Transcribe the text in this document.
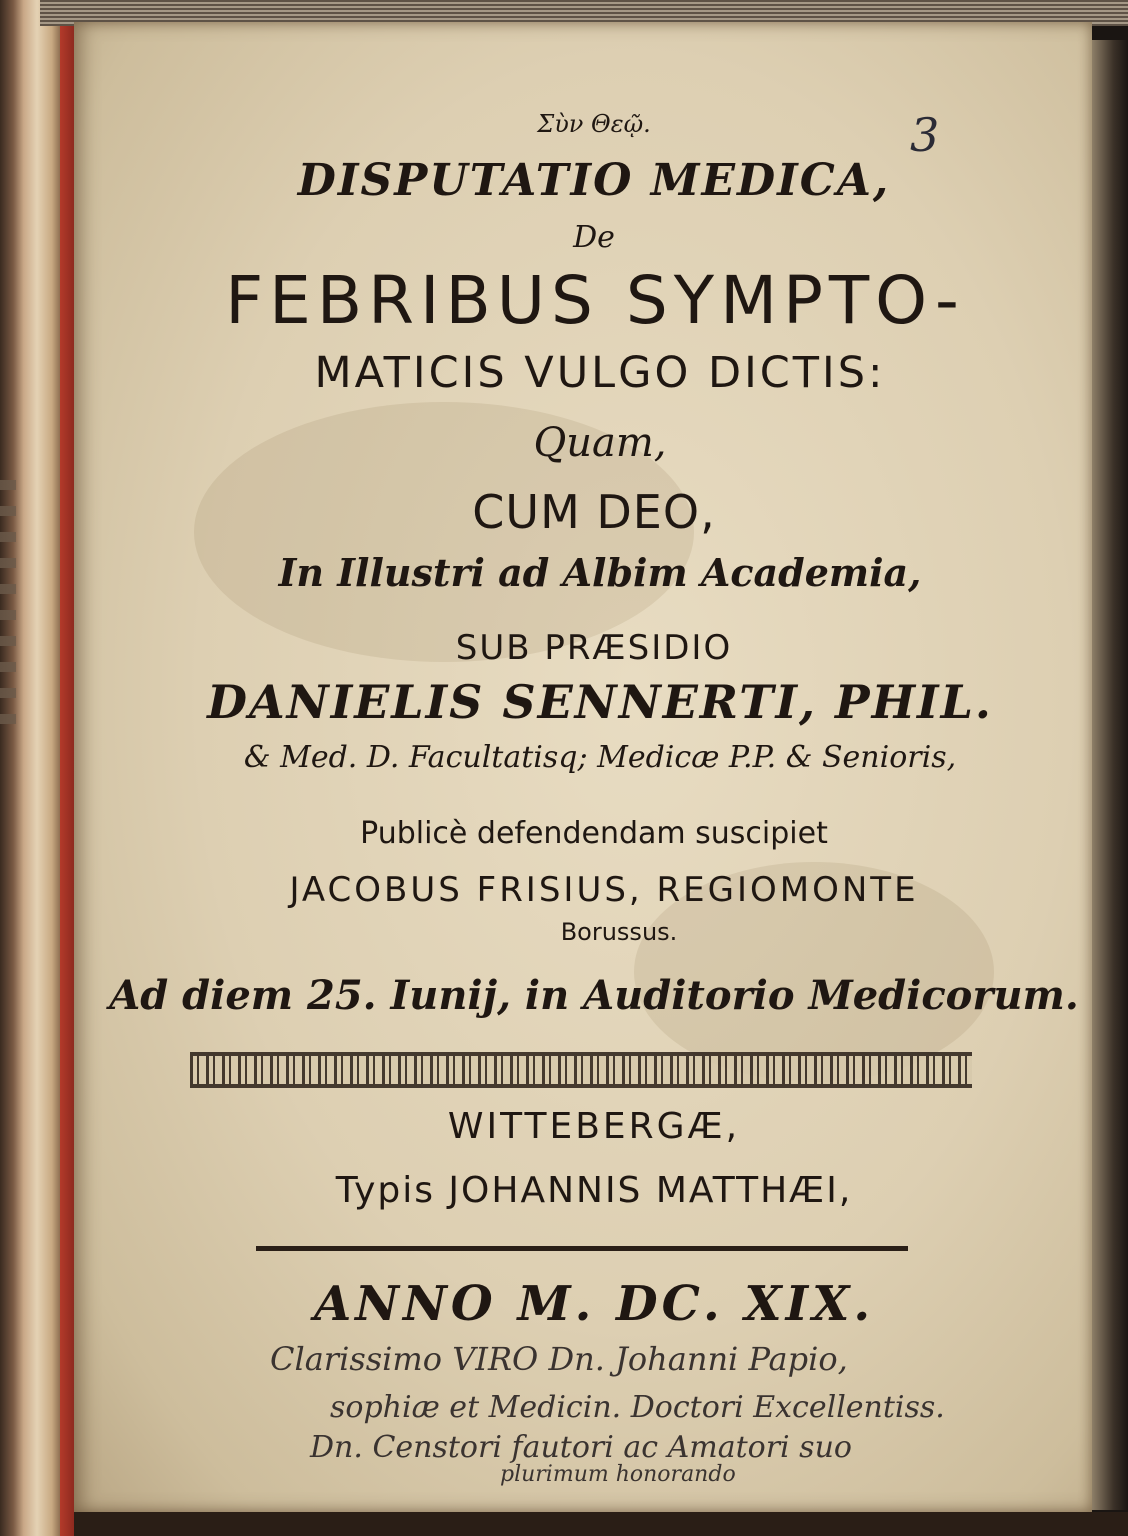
3
Σὺν Θεῷ.
DISPUTATIO MEDICA,
De
FEBRIBUS SYMPTO-
MATICIS VULGO DICTIS:
Quam,
CUM DEO,
In Illustri ad Albim Academia,
SUB PRÆSIDIO
DANIELIS SENNERTI, PHIL.
& Med. D. Facultatisq; Medicæ P.P. & Senioris,
Publicè defendendam suscipiet
JACOBUS FRISIUS, REGIOMONTE
Borussus.
Ad diem 25. Iunij, in Auditorio Medicorum.
WITTEBERGÆ,
Typis JOHANNIS MATTHÆI,
ANNO M. DC. XIX.
Clarissimo VIRO Dn. Johanni Papio,
sophiæ et Medicin. Doctori Excellentiss.
Dn. Censtori fautori ac Amatori suo
plurimum honorando
